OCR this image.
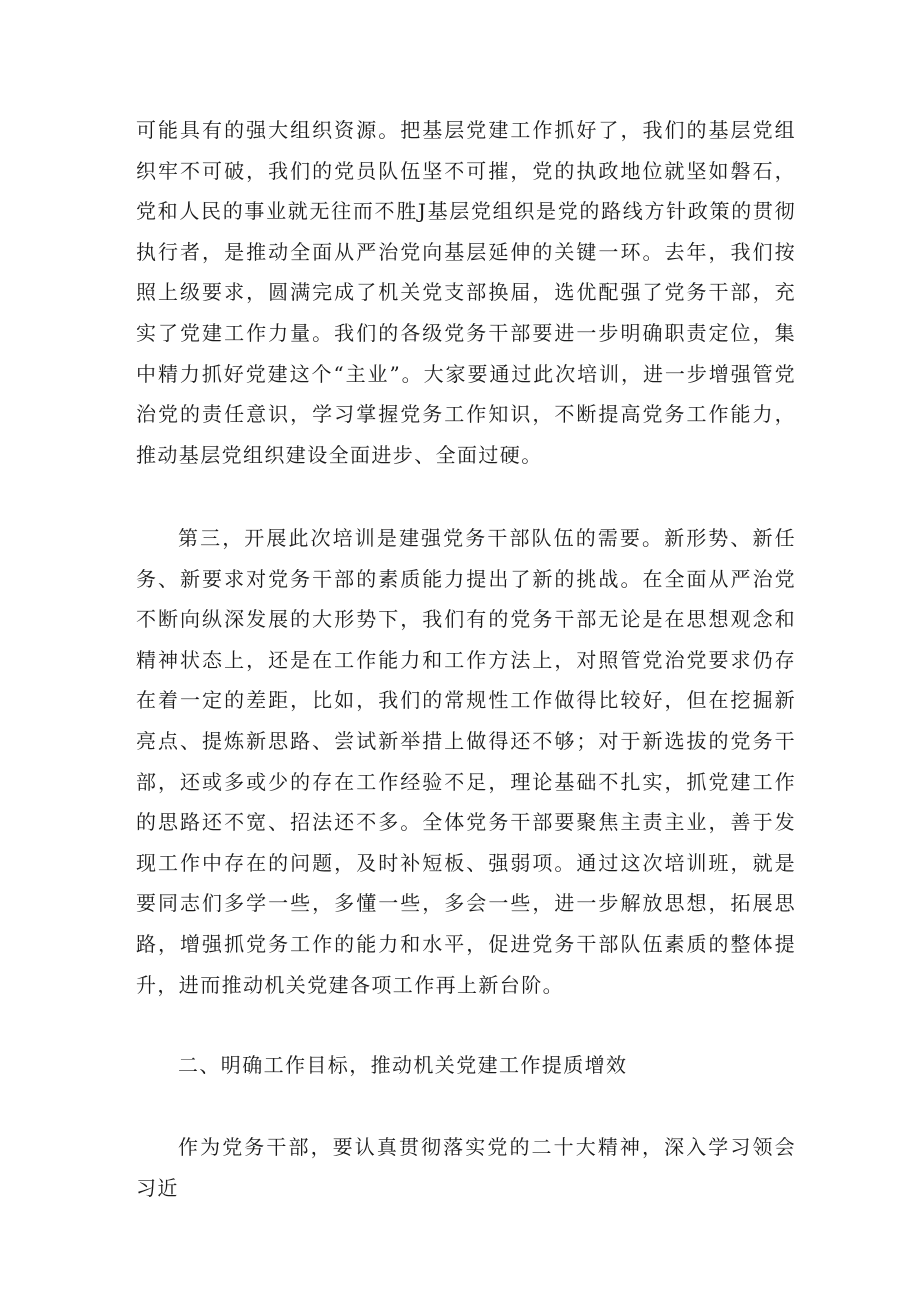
可能具有的强大组织资源。把基层党建工作抓好了，我们的基层党组织牢不可破，我们的党员队伍坚不可摧，党的执政地位就坚如磐石，党和人民的事业就无往而不胜J基层党组织是党的路线方针政策的贯彻执行者，是推动全面从严治党向基层延伸的关键一环。去年，我们按照上级要求，圆满完成了机关党支部换届，选优配强了党务干部，充实了党建工作力量。我们的各级党务干部要进一步明确职责定位，集中精力抓好党建这个“主业”。大家要通过此次培训，进一步增强管党治党的责任意识，学习掌握党务工作知识，不断提高党务工作能力，推动基层党组织建设全面进步、全面过硬。

第三，开展此次培训是建强党务干部队伍的需要。新形势、新任务、新要求对党务干部的素质能力提出了新的挑战。在全面从严治党不断向纵深发展的大形势下，我们有的党务干部无论是在思想观念和精神状态上，还是在工作能力和工作方法上，对照管党治党要求仍存在着一定的差距，比如，我们的常规性工作做得比较好，但在挖掘新亮点、提炼新思路、尝试新举措上做得还不够；对于新选拔的党务干部，还或多或少的存在工作经验不足，理论基础不扎实，抓党建工作的思路还不宽、招法还不多。全体党务干部要聚焦主责主业，善于发现工作中存在的问题，及时补短板、强弱项。通过这次培训班，就是要同志们多学一些，多懂一些，多会一些，进一步解放思想，拓展思路，增强抓党务工作的能力和水平，促进党务干部队伍素质的整体提升，进而推动机关党建各项工作再上新台阶。

二、明确工作目标，推动机关党建工作提质增效

作为党务干部，要认真贯彻落实党的二十大精神，深入学习领会习近
